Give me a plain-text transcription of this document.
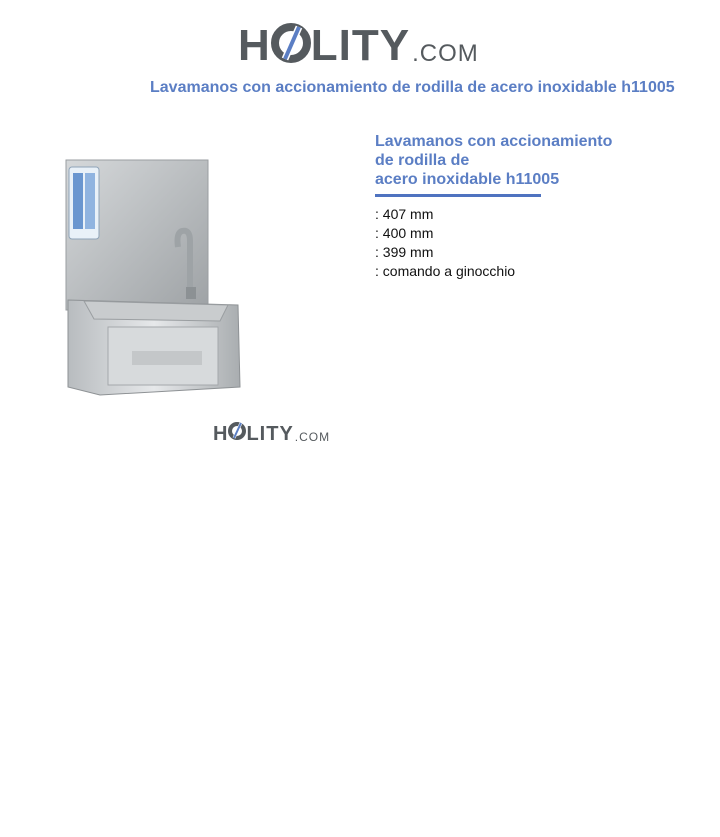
H LITY .COM
Lavamanos con accionamiento de rodilla de acero inoxidable h11005
H LITY .COM
Lavamanos con accionamiento
de rodilla de
acero inoxidable h11005
: 407 mm
: 400 mm
: 399 mm
: comando a ginocchio
